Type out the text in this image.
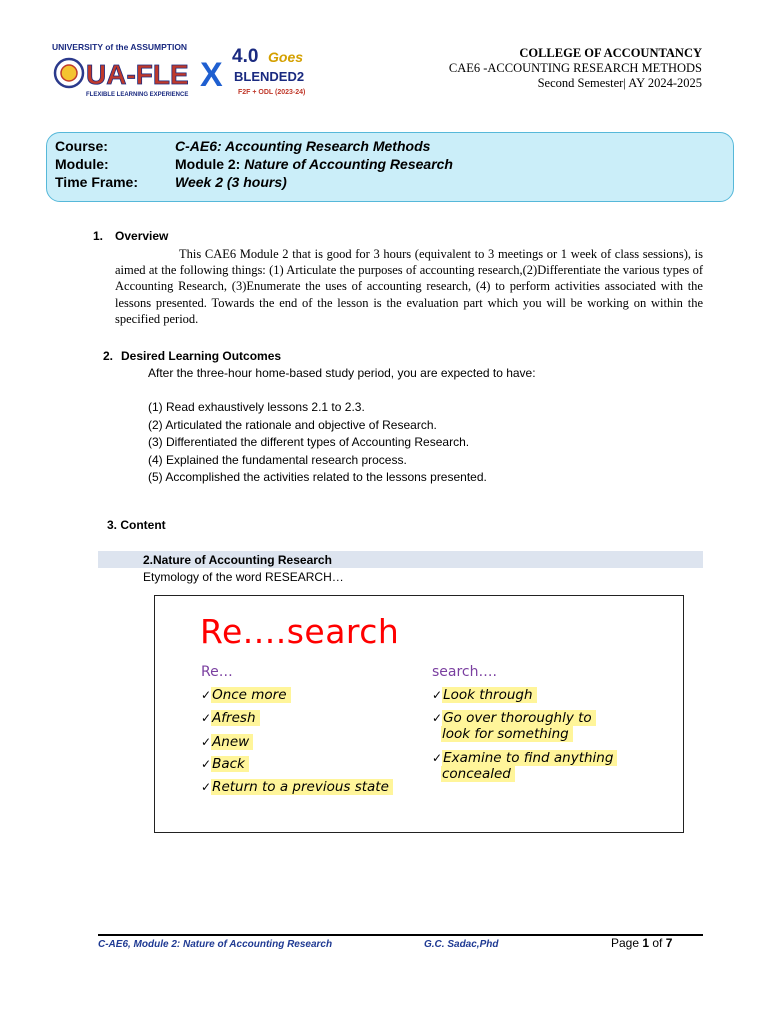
UNIVERSITY of the ASSUMPTION
UA-FLE X 4.0 Goes
BLENDED2
FLEXIBLE LEARNING EXPERIENCE	F2F + ODL (2023-24)
COLLEGE OF ACCOUNTANCY
CAE6 -ACCOUNTING RESEARCH METHODS
Second Semester| AY 2024-2025
Course:	C-AE6: Accounting Research Methods
Module:	Module 2: Nature of Accounting Research
Time Frame:	Week 2 (3 hours)
1. Overview
This CAE6 Module 2 that is good for 3 hours (equivalent to 3 meetings or 1 week of class sessions), is aimed at the following things: (1) Articulate the purposes of accounting research,(2)Differentiate the various types of Accounting Research, (3)Enumerate the uses of accounting research, (4) to perform activities associated with the lessons presented. Towards the end of the lesson is the evaluation part which you will be working on within the specified period.
2. Desired Learning Outcomes
After the three-hour home-based study period, you are expected to have:
(1) Read exhaustively lessons 2.1 to 2.3.
(2) Articulated the rationale and objective of Research.
(3) Differentiated the different types of Accounting Research.
(4) Explained the fundamental research process.
(5) Accomplished the activities related to the lessons presented.
3. Content
2.Nature of Accounting Research
Etymology of the word RESEARCH…
Re....search
Re…	search….
✓Once more
✓Afresh
✓Anew
✓Back
✓Return to a previous state
✓Look through
✓Go over thoroughly to
look for something
✓Examine to find anything
concealed
C-AE6, Module 2: Nature of Accounting Research	G.C. Sadac,Phd	Page 1 of 7
